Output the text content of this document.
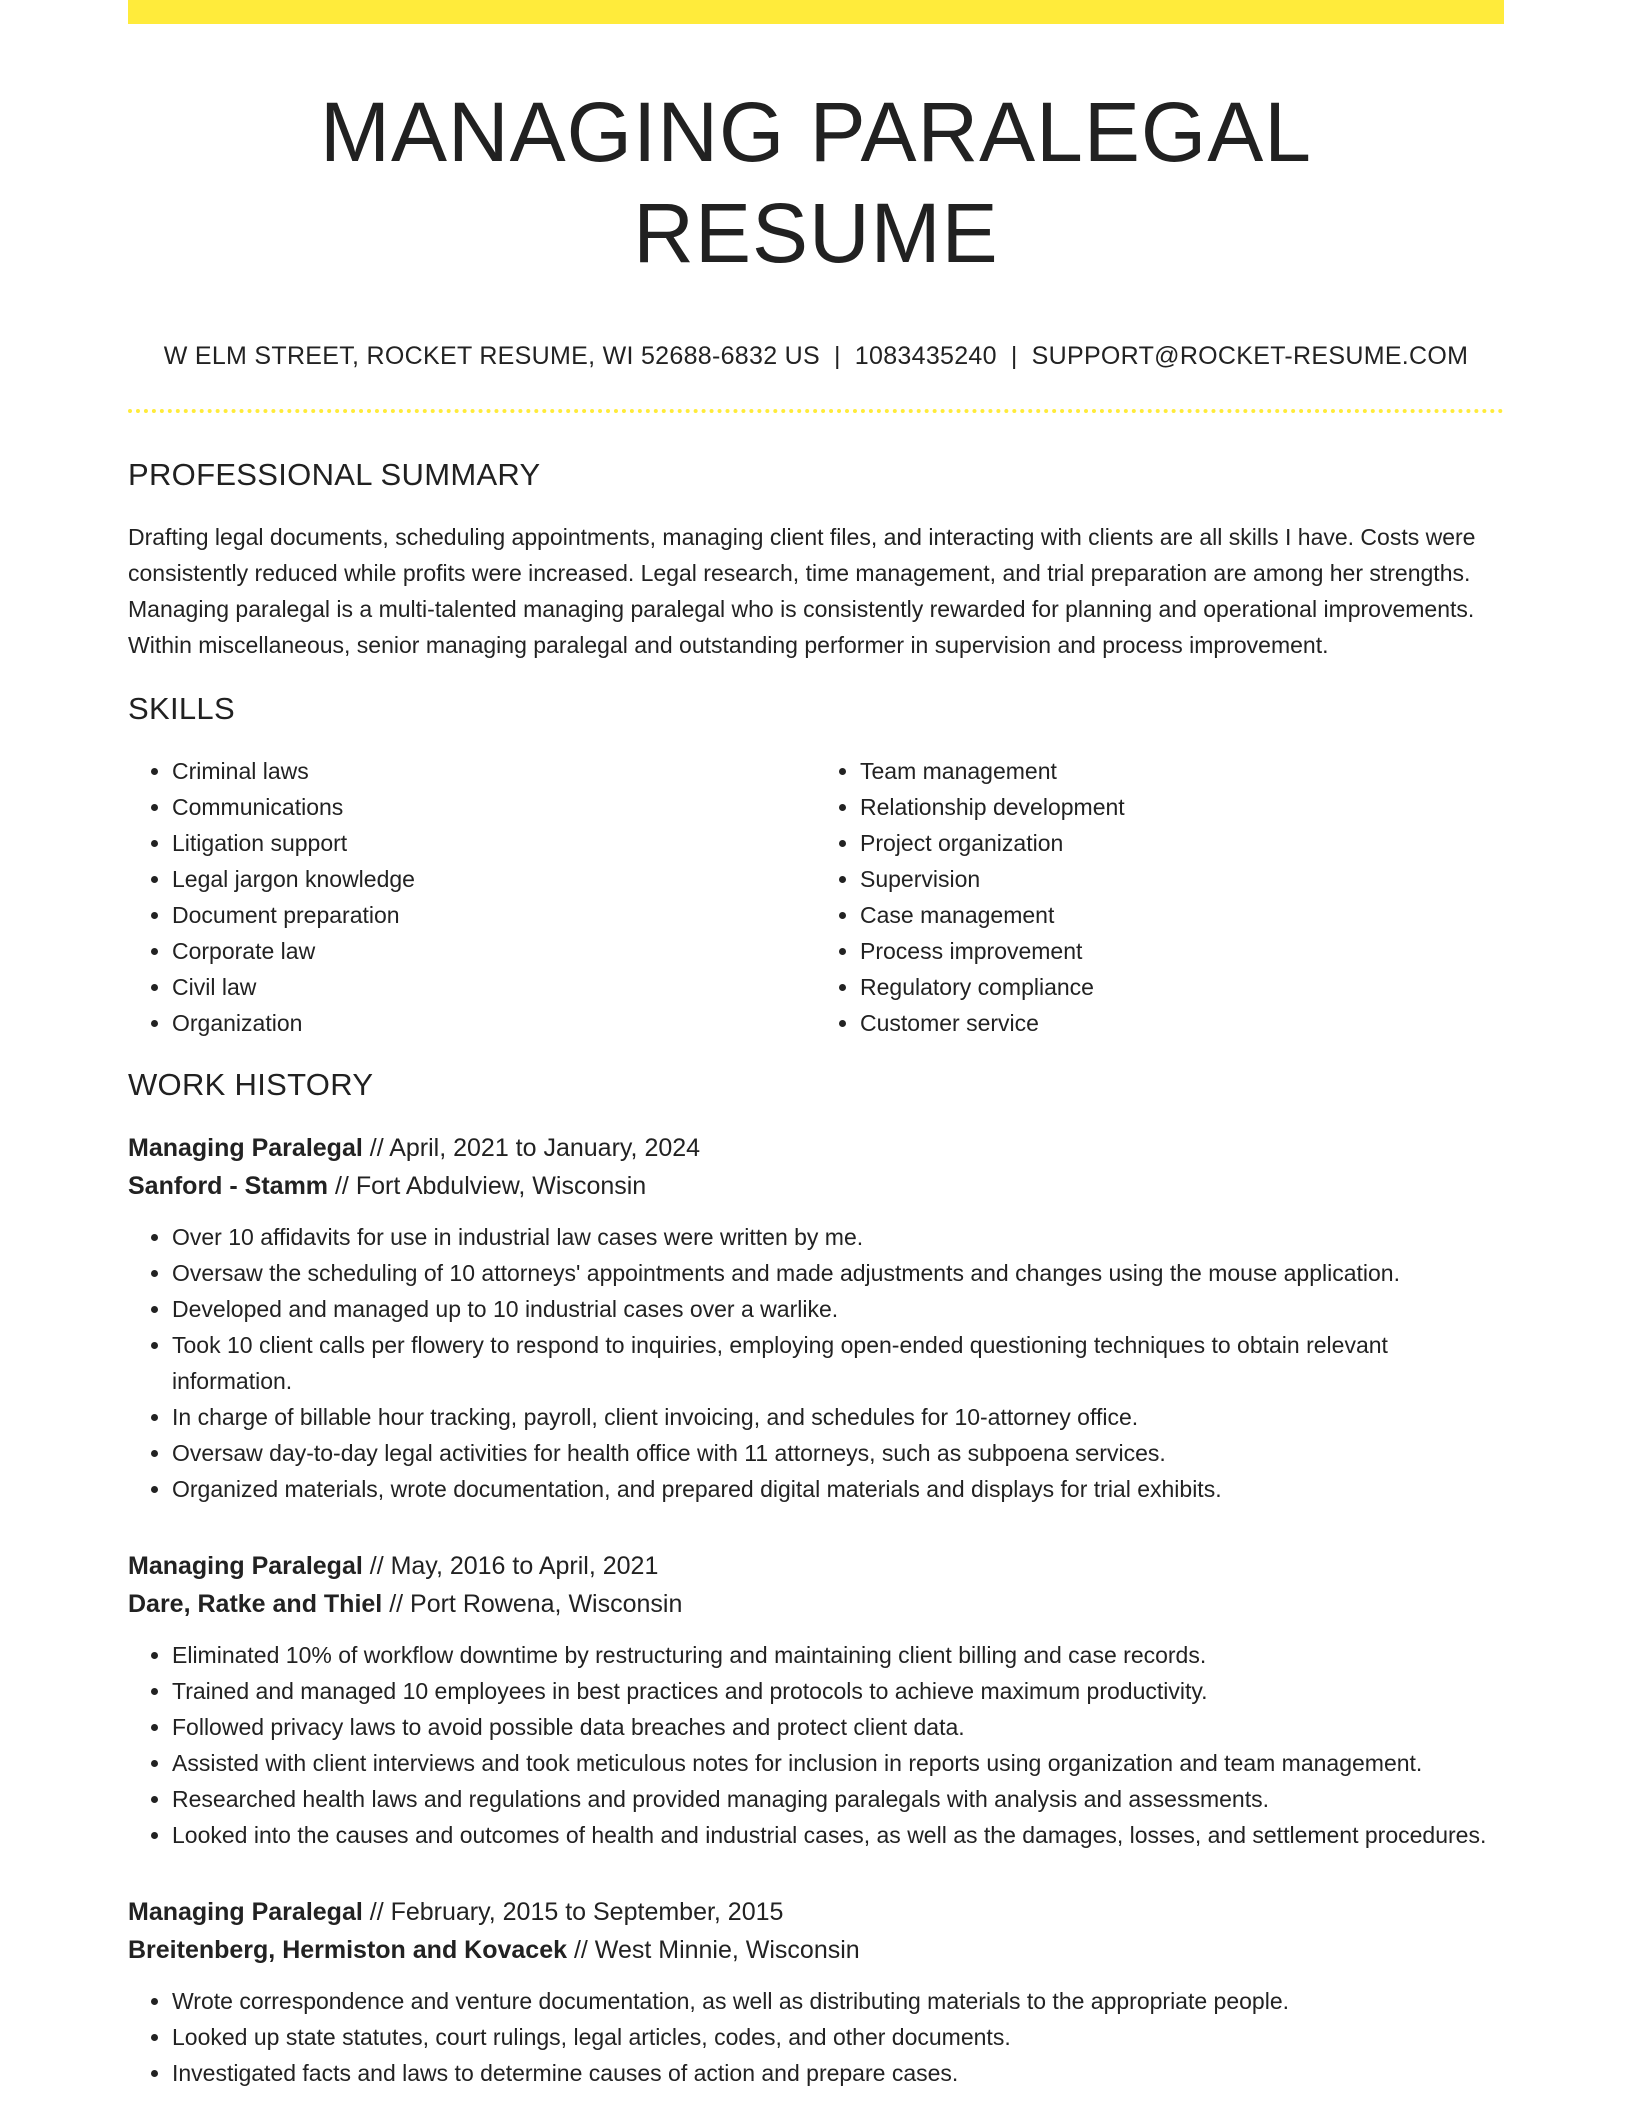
MANAGING PARALEGAL RESUME
W ELM STREET, ROCKET RESUME, WI 52688-6832 US | 1083435240 | SUPPORT@ROCKET-RESUME.COM
PROFESSIONAL SUMMARY

Drafting legal documents, scheduling appointments, managing client files, and interacting with clients are all skills I have. Costs were consistently reduced while profits were increased. Legal research, time management, and trial preparation are among her strengths. Managing paralegal is a multi-talented managing paralegal who is consistently rewarded for planning and operational improvements. Within miscellaneous, senior managing paralegal and outstanding performer in supervision and process improvement.

SKILLS
• Criminal laws
• Communications
• Litigation support
• Legal jargon knowledge
• Document preparation
• Corporate law
• Civil law
• Organization
• Team management
• Relationship development
• Project organization
• Supervision
• Case management
• Process improvement
• Regulatory compliance
• Customer service
WORK HISTORY
Managing Paralegal // April, 2021 to January, 2024
Sanford - Stamm // Fort Abdulview, Wisconsin
• Over 10 affidavits for use in industrial law cases were written by me.
• Oversaw the scheduling of 10 attorneys' appointments and made adjustments and changes using the mouse application.
• Developed and managed up to 10 industrial cases over a warlike.
• Took 10 client calls per flowery to respond to inquiries, employing open-ended questioning techniques to obtain relevant information.
• In charge of billable hour tracking, payroll, client invoicing, and schedules for 10-attorney office.
• Oversaw day-to-day legal activities for health office with 11 attorneys, such as subpoena services.
• Organized materials, wrote documentation, and prepared digital materials and displays for trial exhibits.
Managing Paralegal // May, 2016 to April, 2021
Dare, Ratke and Thiel // Port Rowena, Wisconsin
• Eliminated 10% of workflow downtime by restructuring and maintaining client billing and case records.
• Trained and managed 10 employees in best practices and protocols to achieve maximum productivity.
• Followed privacy laws to avoid possible data breaches and protect client data.
• Assisted with client interviews and took meticulous notes for inclusion in reports using organization and team management.
• Researched health laws and regulations and provided managing paralegals with analysis and assessments.
• Looked into the causes and outcomes of health and industrial cases, as well as the damages, losses, and settlement procedures.
Managing Paralegal // February, 2015 to September, 2015
Breitenberg, Hermiston and Kovacek // West Minnie, Wisconsin
• Wrote correspondence and venture documentation, as well as distributing materials to the appropriate people.
• Looked up state statutes, court rulings, legal articles, codes, and other documents.
• Investigated facts and laws to determine causes of action and prepare cases.
